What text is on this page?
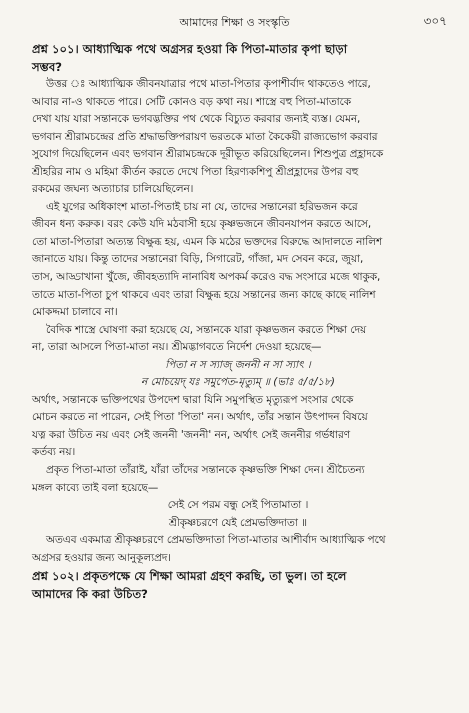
আমাদের শিক্ষা ও সংস্কৃতি	৩০৭

প্রশ্ন ১০১। আধ্যাত্মিক পথে অগ্রসর হওয়া কি পিতা-মাতার কৃপা ছাড়া

সম্ভব?

উত্তর ঃ আধ্যাত্মিক জীবনযাত্রার পথে মাতা-পিতার কৃপাশীর্বাদ থাকতেও পারে,

আবার না-ও থাকতে পারে। সেটি কোনও বড় কথা নয়। শাস্ত্রে বহু পিতা-মাতাকে

দেখা যায় যারা সন্তানকে ভগবদ্ভক্তির পথ থেকে বিচ্যুত করবার জন্যই ব্যস্ত। যেমন,

ভগবান শ্রীরামচন্দ্রের প্রতি শ্রদ্ধাভক্তিপরায়ণ ভরতকে মাতা কৈকেয়ী রাজ্যভোগ করবার

সুযোগ দিয়েছিলেন এবং ভগবান শ্রীরামচন্দ্রকে দূরীভূত করিয়েছিলেন। শিশুপুত্র প্রহ্লাদকে

শ্রীহরির নাম ও মহিমা কীর্তন করতে দেখে পিতা হিরণ্যকশিপু শ্রীপ্রহ্লাদের উপর বহু

রকমের জঘন্য অত্যাচার চালিয়েছিলেন।

এই যুগের অধিকাংশ মাতা-পিতাই চায় না যে, তাদের সন্তানেরা হরিভজন করে

জীবন ধন্য করুক। বরং কেউ যদি মঠবাসী হয়ে কৃষ্ণভজনে জীবনযাপন করতে আসে,

তো মাতা-পিতারা অত্যন্ত বিক্ষুব্ধ হয়, এমন কি মঠের ভক্তদের বিরুদ্ধে আদালতে নালিশ

জানাতে যায়। কিন্তু তাদের সন্তানেরা বিড়ি, সিগারেট, গাঁজা, মদ সেবন করে, জুয়া,

তাস, আড্ডাখানা খুঁজে, জীবহত্যাদি নানাবিধ অপকর্ম করেও বদ্ধ সংসারে মজে থাকুক,

তাতে মাতা-পিতা চুপ থাকবে এবং তারা বিক্ষুব্ধ হয়ে সন্তানের জন্য কাছে কাছে নালিশ

মোকদ্দমা চালাবে না।

বৈদিক শাস্ত্রে ঘোষণা করা হয়েছে যে, সন্তানকে যারা কৃষ্ণভজন করতে শিক্ষা দেয়

না, তারা আসলে পিতা-মাতা নয়। শ্রীমদ্ভাগবতে নির্দেশ দেওয়া হয়েছে—

পিতা ন স স্যাজ্ জননী ন সা স্যাৎ ।

ন মোচয়েদ্ যঃ সমুপেত-মৃত্যুম্ ॥ (ভাঃ ৫/৫/১৮)

অর্থাৎ, সন্তানকে ভক্তিপথের উপদেশ দ্বারা যিনি সমুপস্থিত মৃত্যুরূপ সংসার থেকে

মোচন করতে না পারেন, সেই পিতা 'পিতা' নন। অর্থাৎ, তাঁর সন্তান উৎপাদন বিষয়ে

যত্ন করা উচিত নয় এবং সেই জননী 'জননী' নন, অর্থাৎ সেই জননীর গর্ভধারণ

কর্তব্য নয়।

প্রকৃত পিতা-মাতা তাঁরাই, যাঁরা তাঁদের সন্তানকে কৃষ্ণভক্তি শিক্ষা দেন। শ্রীচৈতন্য

মঙ্গল কাব্যে তাই বলা হয়েছে—

সেই সে পরম বন্ধু সেই পিতামাতা ।

শ্রীকৃষ্ণচরণে যেই প্রেমভক্তিদাতা ॥

অতএব একমাত্র শ্রীকৃষ্ণচরণে প্রেমভক্তিদাতা পিতা-মাতার আশীর্বাদ আধ্যাত্মিক পথে

অগ্রসর হওয়ার জন্য আনুকূল্যপ্রদ।

প্রশ্ন ১০২। প্রকৃতপক্ষে যে শিক্ষা আমরা গ্রহণ করছি, তা ভুল। তা হলে

আমাদের কি করা উচিত?
